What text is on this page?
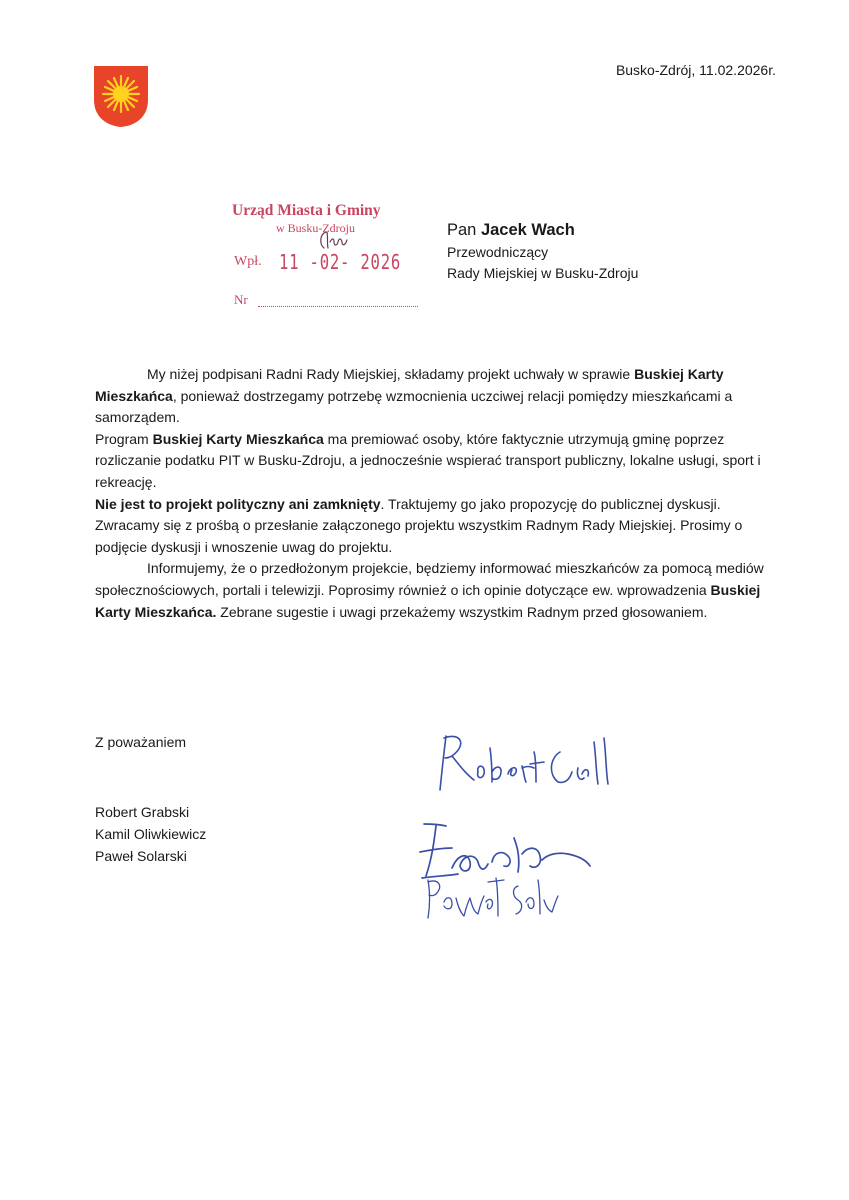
Busko-Zdrój, 11.02.2026r.
Urząd Miasta i Gminy
w Busku-Zdroju
Wpł. 11 -02- 2026
Nr
Pan Jacek Wach
Przewodniczący
Rady Miejskiej w Busku-Zdroju

My niżej podpisani Radni Rady Miejskiej, składamy projekt uchwały w sprawie Buskiej Karty Mieszkańca, ponieważ dostrzegamy potrzebę wzmocnienia uczciwej relacji pomiędzy mieszkańcami a samorządem.

Program Buskiej Karty Mieszkańca ma premiować osoby, które faktycznie utrzymują gminę poprzez rozliczanie podatku PIT w Busku-Zdroju, a jednocześnie wspierać transport publiczny, lokalne usługi, sport i rekreację.

Nie jest to projekt polityczny ani zamknięty. Traktujemy go jako propozycję do publicznej dyskusji. Zwracamy się z prośbą o przesłanie załączonego projektu wszystkim Radnym Rady Miejskiej. Prosimy o podjęcie dyskusji i wnoszenie uwag do projektu.

Informujemy, że o przedłożonym projekcie, będziemy informować mieszkańców za pomocą mediów społecznościowych, portali i telewizji. Poprosimy również o ich opinie dotyczące ew. wprowadzenia Buskiej Karty Mieszkańca. Zebrane sugestie i uwagi przekażemy wszystkim Radnym przed głosowaniem.

Z poważaniem
Robert Grabski
Kamil Oliwkiewicz
Paweł Solarski
